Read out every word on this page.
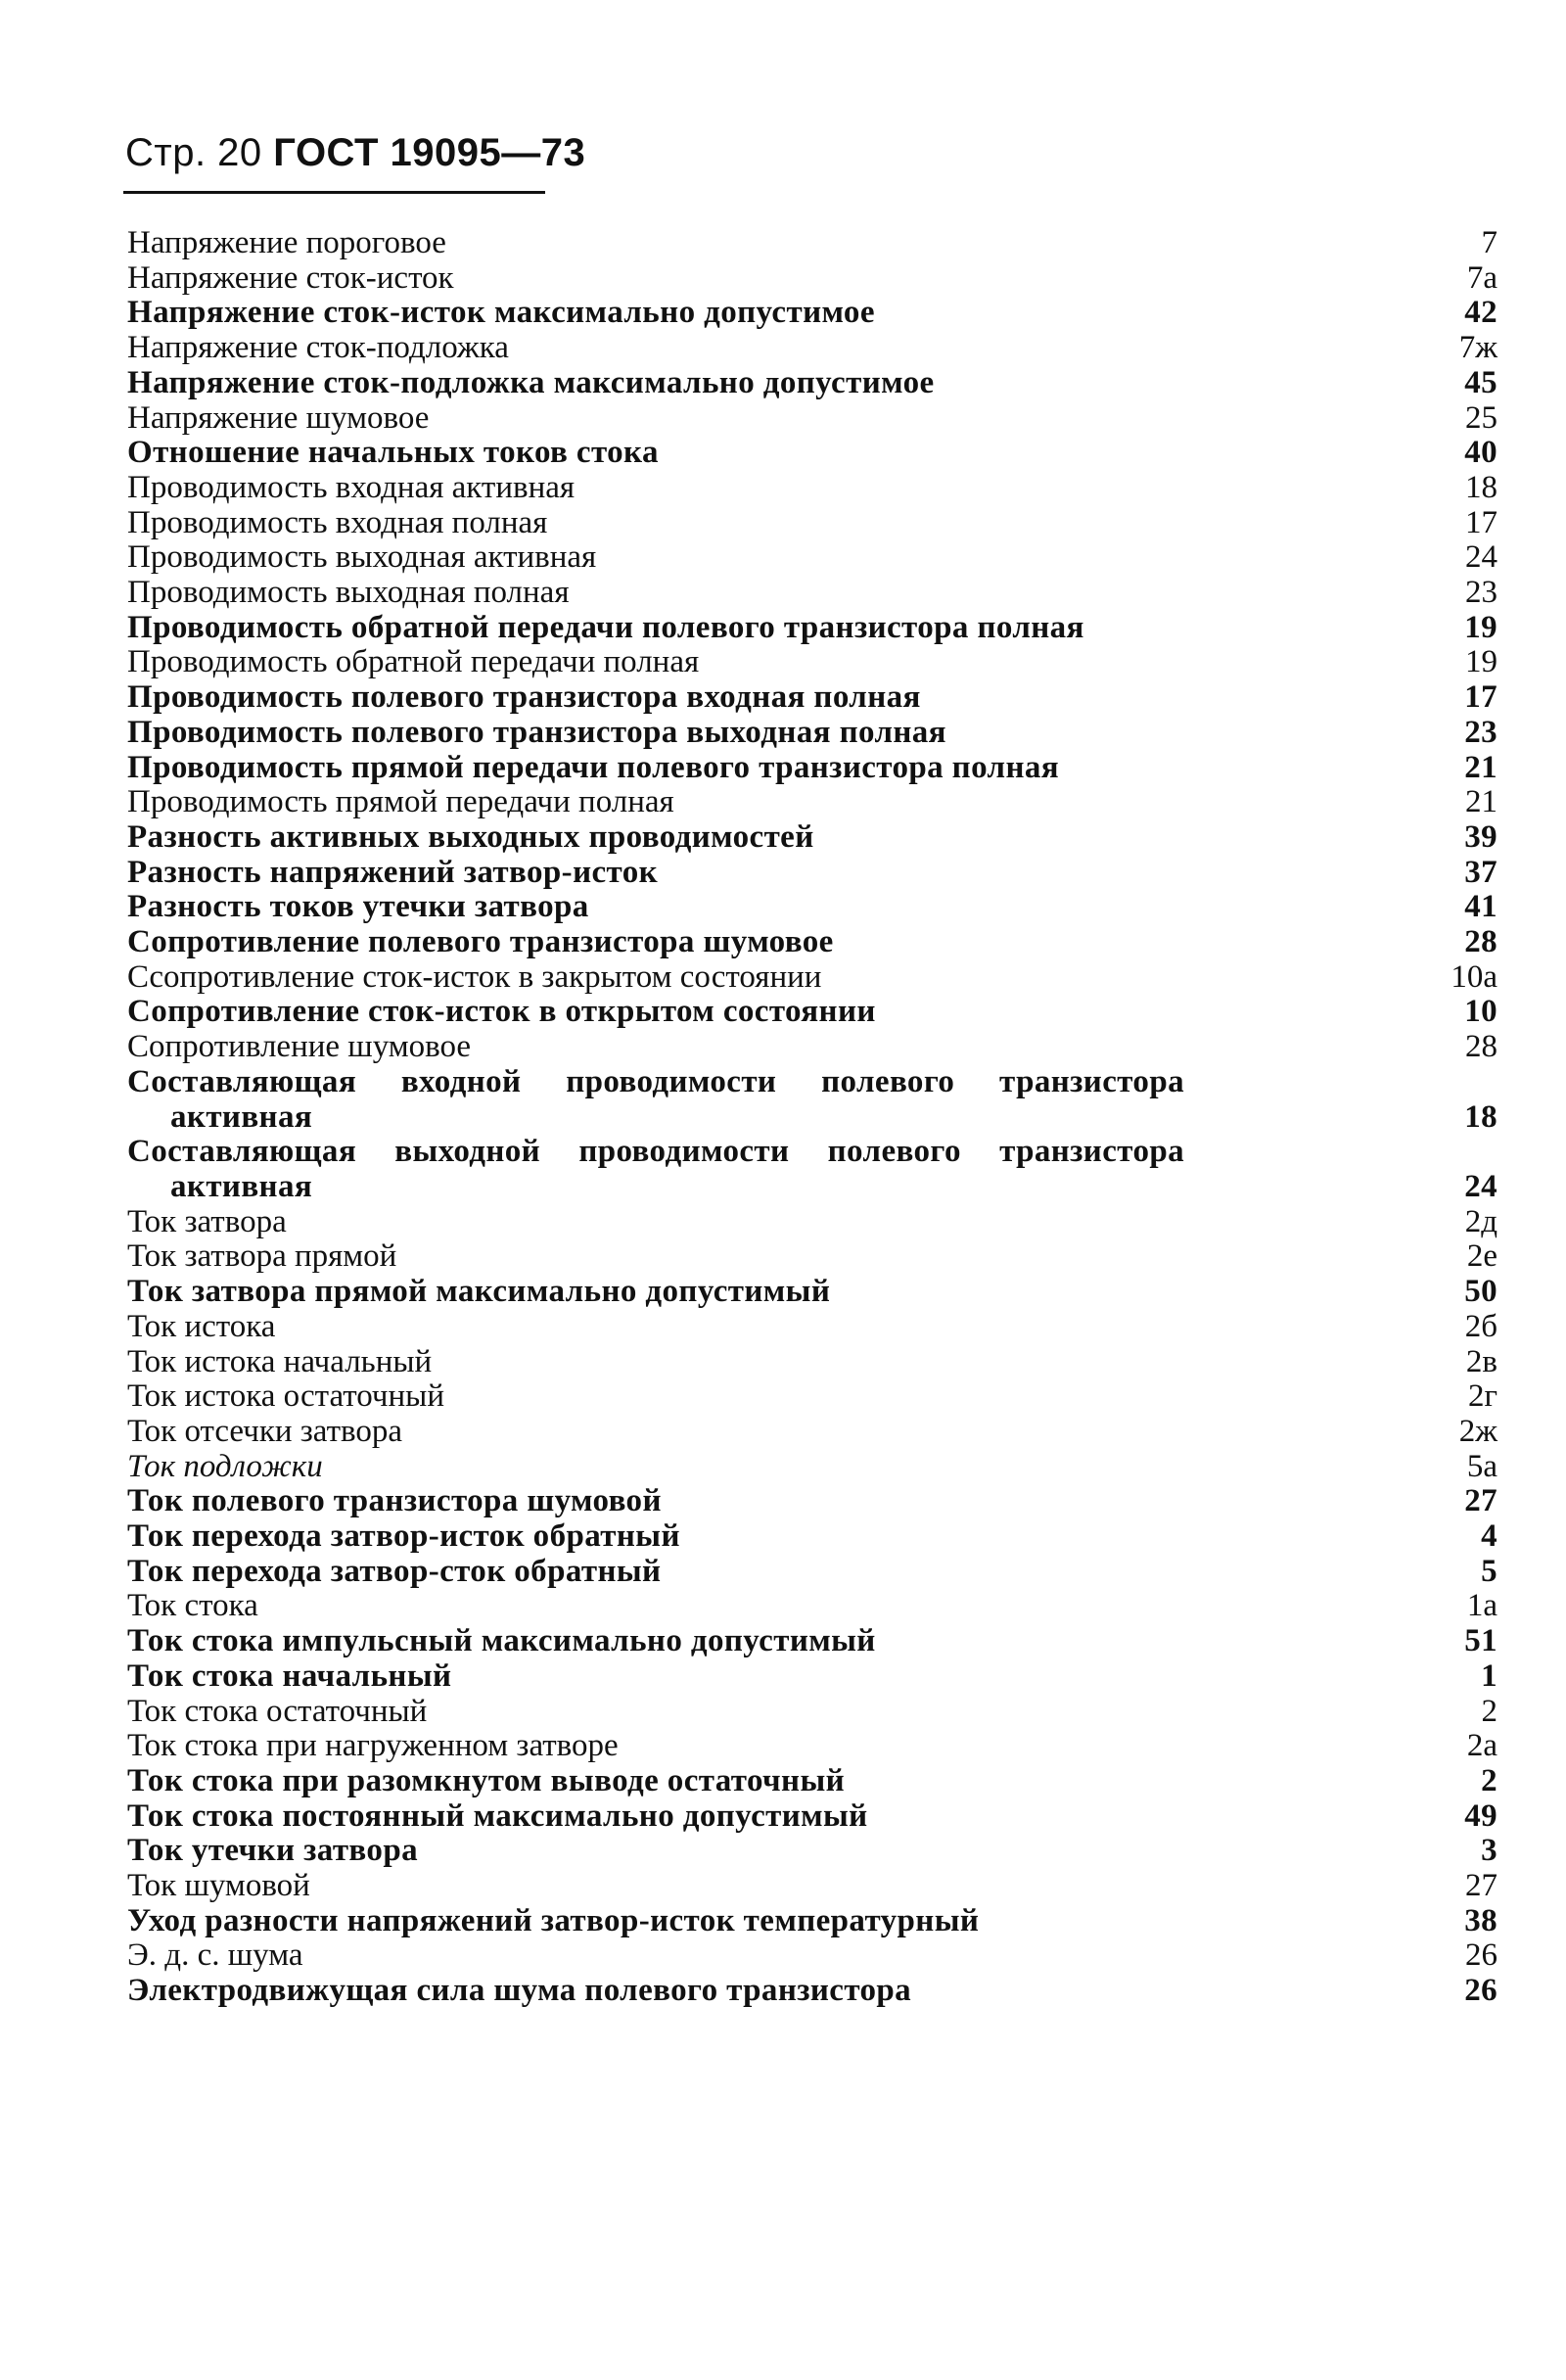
Стр. 20 ГОСТ 19095—73
Напряжение пороговое	7
Напряжение сток-исток	7а
Напряжение сток-исток максимально допустимое	42
Напряжение сток-подложка	7ж
Напряжение сток-подложка максимально допустимое	45
Напряжение шумовое	25
Отношение начальных токов стока	40
Проводимость входная активная	18
Проводимость входная полная	17
Проводимость выходная активная	24
Проводимость выходная полная	23
Проводимость обратной передачи полевого транзистора полная	19
Проводимость обратной передачи полная	19
Проводимость полевого транзистора входная полная	17
Проводимость полевого транзистора выходная полная	23
Проводимость прямой передачи полевого транзистора полная	21
Проводимость прямой передачи полная	21
Разность активных выходных проводимостей	39
Разность напряжений затвор-исток	37
Разность токов утечки затвора	41
Сопротивление полевого транзистора шумовое	28
Ссопротивление сток-исток в закрытом состоянии	10а
Сопротивление сток-исток в открытом состоянии	10
Сопротивление шумовое	28
Составляющая входной проводимости полевого транзистора
активная	18
Составляющая выходной проводимости полевого транзистора
активная	24
Ток затвора	2д
Ток затвора прямой	2е
Ток затвора прямой максимально допустимый	50
Ток истока	2б
Ток истока начальный	2в
Ток истока остаточный	2г
Ток отсечки затвора	2ж
Ток подложки	5а
Ток полевого транзистора шумовой	27
Ток перехода затвор-исток обратный	4
Ток перехода затвор-сток обратный	5
Ток стока	1а
Ток стока импульсный максимально допустимый	51
Ток стока начальный	1
Ток стока остаточный	2
Ток стока при нагруженном затворе	2а
Ток стока при разомкнутом выводе остаточный	2
Ток стока постоянный максимально допустимый	49
Ток утечки затвора	3
Ток шумовой	27
Уход разности напряжений затвор-исток температурный	38
Э. д. с. шума	26
Электродвижущая сила шума полевого транзистора	26
